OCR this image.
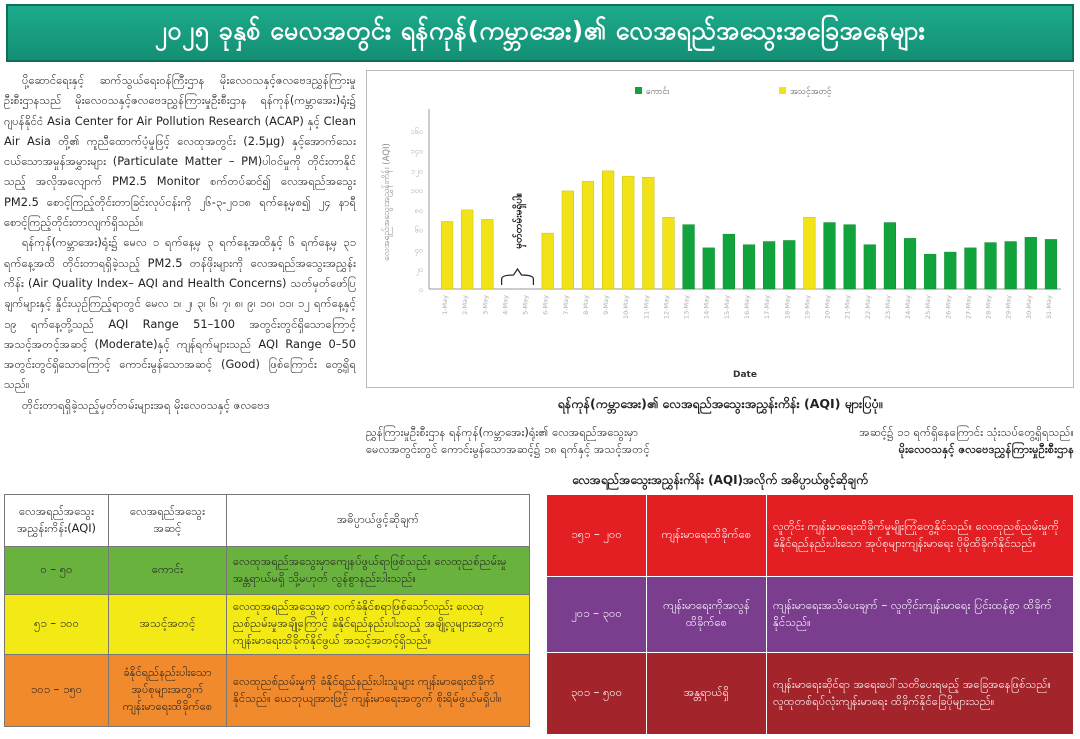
၂၀၂၅ ခုနှစ် မေလအတွင်း ရန်ကုန်(ကမ္ဘာအေး)၏ လေအရည်အသွေးအခြေအနေများ

ပို့ဆောင်ရေးနှင့် ဆက်သွယ်ရေးဝန်ကြီးဌာန မိုးလေဝသနှင့်ဇလဗေဒညွှန်ကြားမှုဦးစီးဌာနသည် မိုးလေဝသနှင့်ဇလဗေဒညွှန်ကြားမှုဦးစီးဌာန ရန်ကုန်(ကမ္ဘာအေး)ရုံး၌ ဂျပန်နိုင်ငံ Asia Center for Air Pollution Research (ACAP) နှင့် Clean Air Asia တို့၏ ကူညီထောက်ပံ့မှုဖြင့် လေထုအတွင်း (2.5μg) နှင့်အောက်သေးငယ်သောအမှုန်အမွှားများ (Particulate Matter – PM)ပါဝင်မှုကို တိုင်းတာနိုင်သည့် အလိုအလျောက် PM2.5 Monitor စက်တပ်ဆင်၍ လေအရည်အသွေး PM2.5 စောင့်ကြည့်တိုင်းတာခြင်းလုပ်ငန်းကို ၂၆-၃-၂၀၁၈ ရက်နေ့မှစ၍ ၂၄ နာရီ စောင့်ကြည့်တိုင်းတာလျက်ရှိသည်။

ရန်ကုန်(ကမ္ဘာအေး)ရုံး၌ မေလ ၁ ရက်နေ့မှ ၃ ရက်နေ့အထိနှင့် ၆ ရက်နေ့မှ ၃၁ ရက်နေ့အထိ တိုင်းတာရရှိခဲ့သည့် PM2.5 တန်ဖိုးများကို လေအရည်အသွေးအညွှန်းကိန်း (Air Quality Index– AQI and Health Concerns) သတ်မှတ်ဖော်ပြချက်များနှင့် နှိုင်းယှဉ်ကြည့်ရာတွင် မေလ ၁၊ ၂၊ ၃၊ ၆၊ ၇၊ ၈၊ ၉၊ ၁၀၊ ၁၁၊ ၁၂ ရက်နေ့နှင့် ၁၉ ရက်နေ့တို့သည် AQI Range 51–100 အတွင်းတွင်ရှိသောကြောင့် အသင့်အတင့်အဆင့် (Moderate)နှင့် ကျန်ရက်များသည် AQI Range 0–50 အတွင်းတွင်ရှိသောကြောင့် ကောင်းမွန်သောအဆင့် (Good) ဖြစ်ကြောင်း တွေ့ရှိရသည်။

တိုင်းတာရရှိခဲ့သည့်မှတ်တမ်းများအရ မိုးလေဝသနှင့် ဇလဗေဒ

ကောင်း	အသင့်အတင့်
၀
၂၀
၄၀
၆၀
၈၀
၁၀၀
၁၂၀
၁၄၀
၁၆၀
လေအရည်အသွေးအညွှန်းကိန်း (AQI)
1-May 2-May 3-May 4-May 5-May 6-May 7-May 8-May 9-May 10-May 11-May 12-May 13-May 14-May 15-May 16-May 17-May 18-May 19-May 20-May 21-May 22-May 23-May 24-May 25-May 26-May 27-May 28-May 29-May 30-May 31-May
မှတ်တမ်းမရှိပါ။
Date
ရန်ကုန်(ကမ္ဘာအေး)၏ လေအရည်အသွေးအညွှန်းကိန်း (AQI) များပြပုံ။
ညွှန်ကြားမှုဦးစီးဌာန ရန်ကုန်(ကမ္ဘာအေး)ရုံး၏ လေအရည်အသွေးမှာ	အဆင့်၌ ၁၁ ရက်ရှိနေကြောင်း သုံးသပ်တွေ့ရှိရသည်။
မေလအတွင်းတွင် ကောင်းမွန်သောအဆင့်၌ ၁၈ ရက်နှင့် အသင့်အတင့်	မိုးလေဝသနှင့် ဇလဗေဒညွှန်ကြားမှုဦးစီးဌာန
လေအရည်အသွေးအညွှန်းကိန်း (AQI)အလိုက် အဓိပ္ပာယ်ဖွင့်ဆိုချက်
လေအရည်အသွေး အညွှန်းကိန်း(AQI)	လေအရည်အသွေး အဆင့်	အဓိပ္ပာယ်ဖွင့်ဆိုချက်
၀ – ၅၀	ကောင်း	လေထုအရည်အသွေးမှာကျေနပ်ဖွယ်ရာဖြစ်သည်။ လေထုညစ်ညမ်းမှုအန္တရာယ်မရှိ သို့မဟုတ် လွန်စွာနည်းပါးသည်။
၅၁ – ၁၀၀	အသင့်အတင့်	လေထုအရည်အသွေးမှာ လက်ခံနိုင်စရာဖြစ်သော်လည်း လေထုညစ်ညမ်းမှုအချို့ကြောင့် ခံနိုင်ရည်နည်းပါးသည့် အချို့လူများအတွက် ကျန်းမာရေးထိခိုက်နိုင်ဖွယ် အသင့်အတင့်ရှိသည်။
၁၀၁ – ၁၅၀	ခံနိုင်ရည်နည်းပါးသော အုပ်စုများအတွက် ကျန်းမာရေးထိခိုက်စေ	လေထုညစ်ညမ်းမှုကို ခံနိုင်ရည်နည်းပါးသူများ ကျန်းမာရေးထိခိုက်နိုင်သည်။ ယေဘုယျအားဖြင့် ကျန်းမာရေးအတွက် စိုးရိမ်ဖွယ်မရှိပါ။
၁၅၁ – ၂၀၀	ကျန်းမာရေးထိခိုက်စေ	လူတိုင်း ကျန်းမာရေးထိခိုက်မှုမျိုးကြုံတွေ့နိုင်သည်။ လေထုညစ်ညမ်းမှုကို ခံနိုင်ရည်နည်းပါးသော အုပ်စုများကျန်းမာရေး ပိုမိုထိခိုက်နိုင်သည်။
၂၀၁ – ၃၀၀	ကျန်းမာရေးကိုအလွန် ထိခိုက်စေ	ကျန်းမာရေးအသိပေးချက် – လူတိုင်းကျန်းမာရေး ပြင်းထန်စွာ ထိခိုက်နိုင်သည်။
၃၀၁ – ၅၀၀	အန္တရာယ်ရှိ	ကျန်းမာရေးဆိုင်ရာ အရေးပေါ်သတိပေးရမည့် အခြေအနေဖြစ်သည်။ လူထုတစ်ရပ်လုံးကျန်းမာရေး ထိခိုက်နိုင်ခြေပိုများသည်။
